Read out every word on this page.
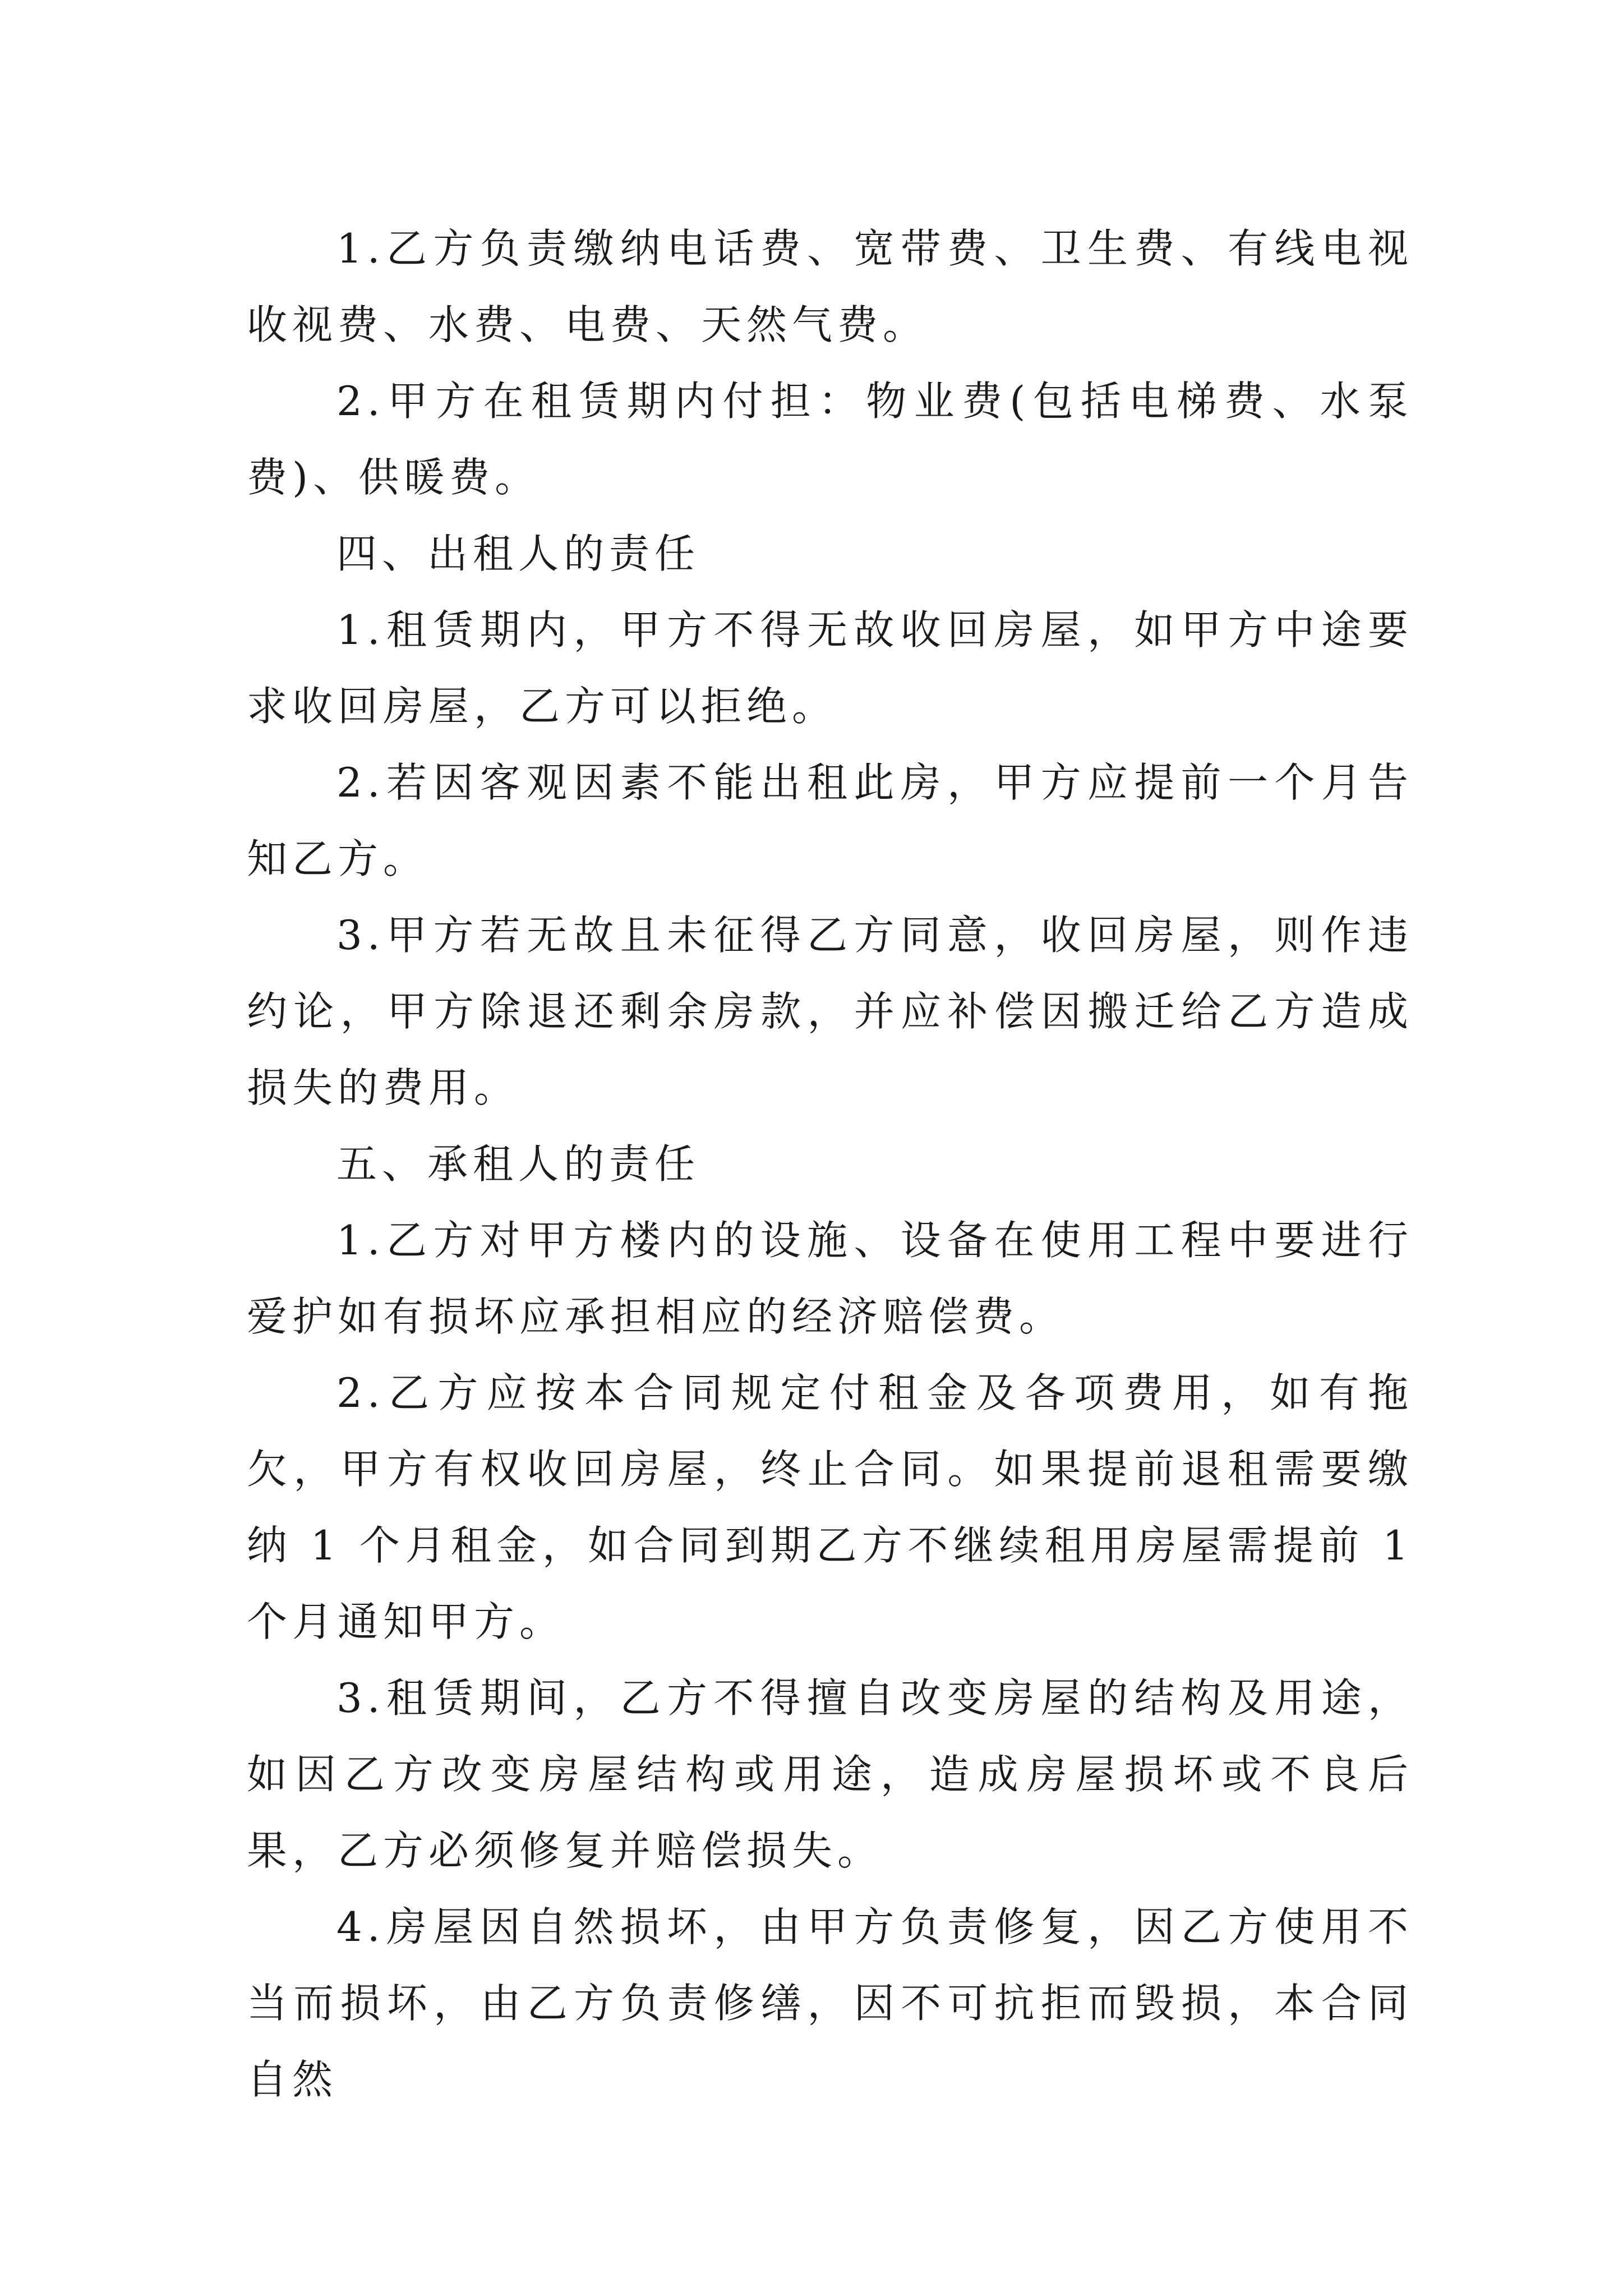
1.乙方负责缴纳电话费、宽带费、卫生费、有线电视收视费、水费、电费、天然气费。

2.甲方在租赁期内付担：物业费(包括电梯费、水泵费)、供暖费。

四、出租人的责任

1.租赁期内，甲方不得无故收回房屋，如甲方中途要求收回房屋，乙方可以拒绝。

2.若因客观因素不能出租此房，甲方应提前一个月告知乙方。

3.甲方若无故且未征得乙方同意，收回房屋，则作违约论，甲方除退还剩余房款，并应补偿因搬迁给乙方造成损失的费用。

五、承租人的责任

1.乙方对甲方楼内的设施、设备在使用工程中要进行爱护如有损坏应承担相应的经济赔偿费。

2.乙方应按本合同规定付租金及各项费用，如有拖欠，甲方有权收回房屋，终止合同。如果提前退租需要缴纳 1 个月租金，如合同到期乙方不继续租用房屋需提前 1 个月通知甲方。

3.租赁期间，乙方不得擅自改变房屋的结构及用途，如因乙方改变房屋结构或用途，造成房屋损坏或不良后果，乙方必须修复并赔偿损失。

4.房屋因自然损坏，由甲方负责修复，因乙方使用不当而损坏，由乙方负责修缮，因不可抗拒而毁损，本合同自然
